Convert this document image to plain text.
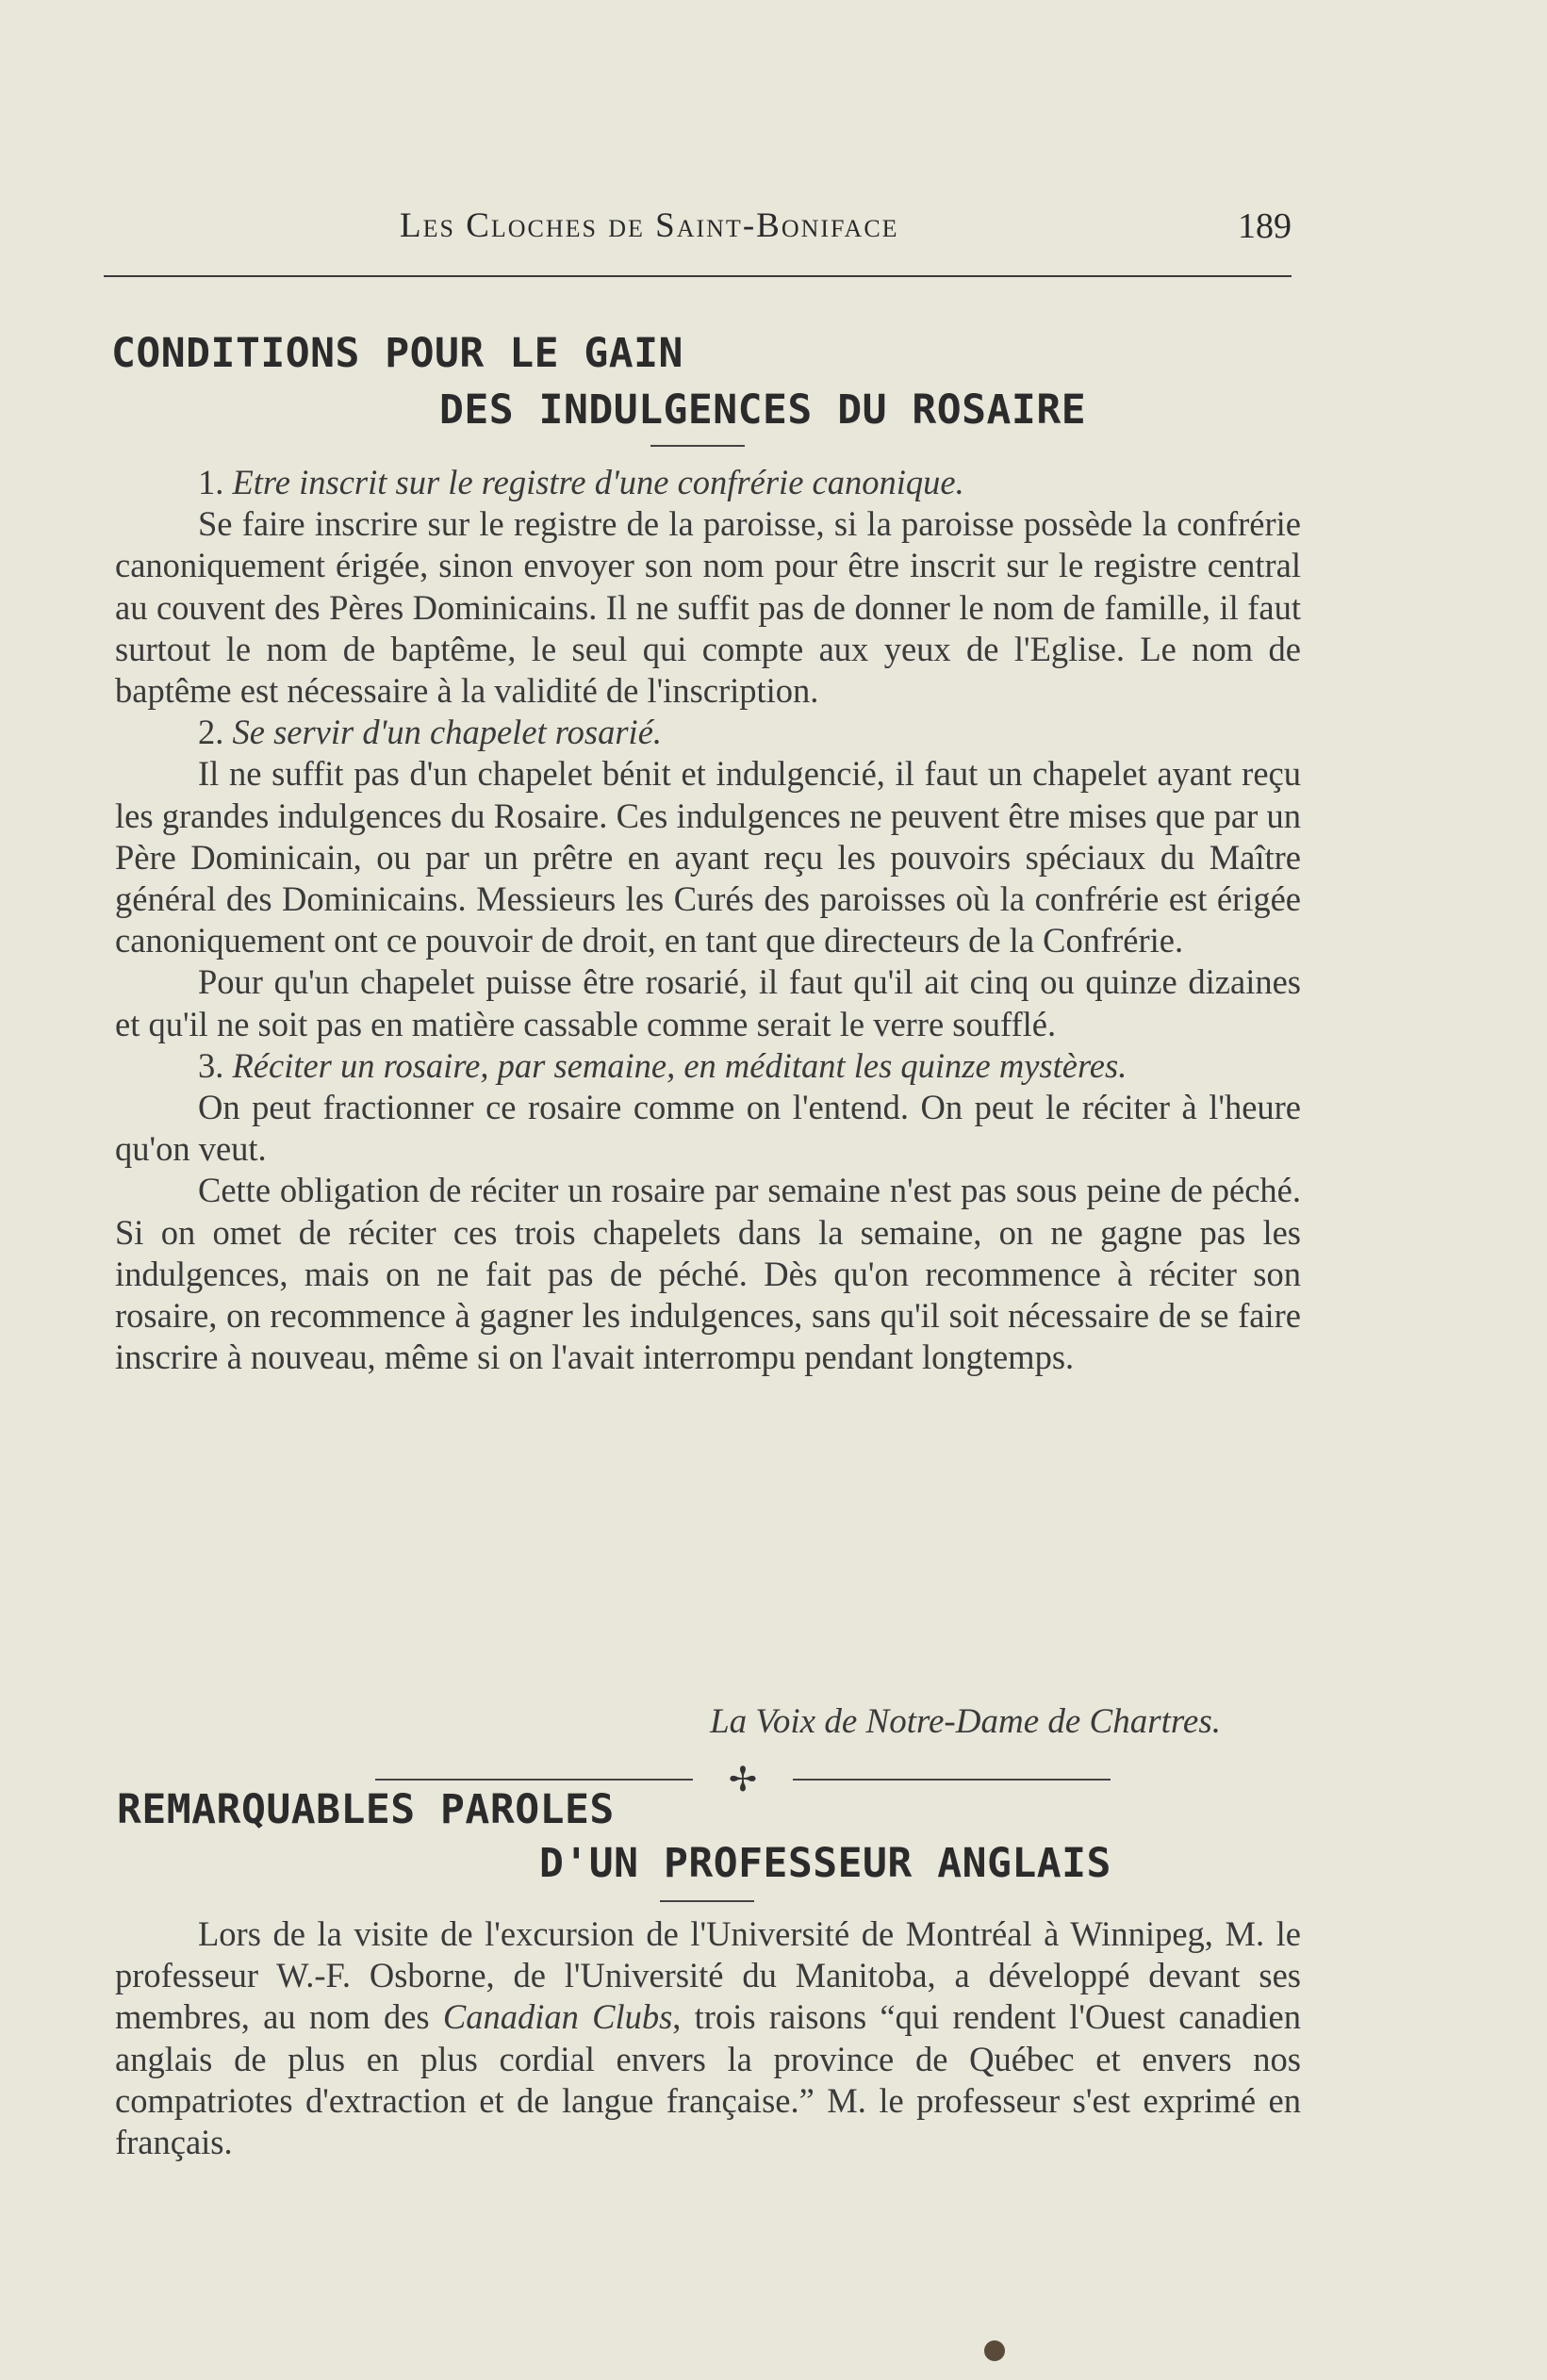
Les Cloches de Saint-Boniface	189
CONDITIONS POUR LE GAIN
DES INDULGENCES DU ROSAIRE

1. Etre inscrit sur le registre d'une confrérie canonique.

Se faire inscrire sur le registre de la paroisse, si la paroisse possède la confrérie canoniquement érigée, sinon envoyer son nom pour être inscrit sur le registre central au couvent des Pères Dominicains. Il ne suffit pas de donner le nom de famille, il faut surtout le nom de baptême, le seul qui compte aux yeux de l'Eglise. Le nom de baptême est nécessaire à la validité de l'inscription.

2. Se servir d'un chapelet rosarié.

Il ne suffit pas d'un chapelet bénit et indulgencié, il faut un chapelet ayant reçu les grandes indulgences du Rosaire. Ces indulgences ne peuvent être mises que par un Père Dominicain, ou par un prêtre en ayant reçu les pouvoirs spéciaux du Maître général des Dominicains. Messieurs les Curés des paroisses où la confrérie est érigée canoniquement ont ce pouvoir de droit, en tant que directeurs de la Confrérie.

Pour qu'un chapelet puisse être rosarié, il faut qu'il ait cinq ou quinze dizaines et qu'il ne soit pas en matière cassable comme serait le verre soufflé.

3. Réciter un rosaire, par semaine, en méditant les quinze mystères.

On peut fractionner ce rosaire comme on l'entend. On peut le réciter à l'heure qu'on veut.

Cette obligation de réciter un rosaire par semaine n'est pas sous peine de péché. Si on omet de réciter ces trois chapelets dans la semaine, on ne gagne pas les indulgences, mais on ne fait pas de péché. Dès qu'on recommence à réciter son rosaire, on recommence à gagner les indulgences, sans qu'il soit nécessaire de se faire inscrire à nouveau, même si on l'avait interrompu pendant longtemps.

La Voix de Notre-Dame de Chartres.
✢
REMARQUABLES PAROLES
D'UN PROFESSEUR ANGLAIS

Lors de la visite de l'excursion de l'Université de Montréal à Winnipeg, M. le professeur W.-F. Osborne, de l'Université du Manitoba, a développé devant ses membres, au nom des Canadian Clubs, trois raisons “qui rendent l'Ouest canadien anglais de plus en plus cordial envers la province de Québec et envers nos compatriotes d'extraction et de langue française.” M. le professeur s'est exprimé en français.
